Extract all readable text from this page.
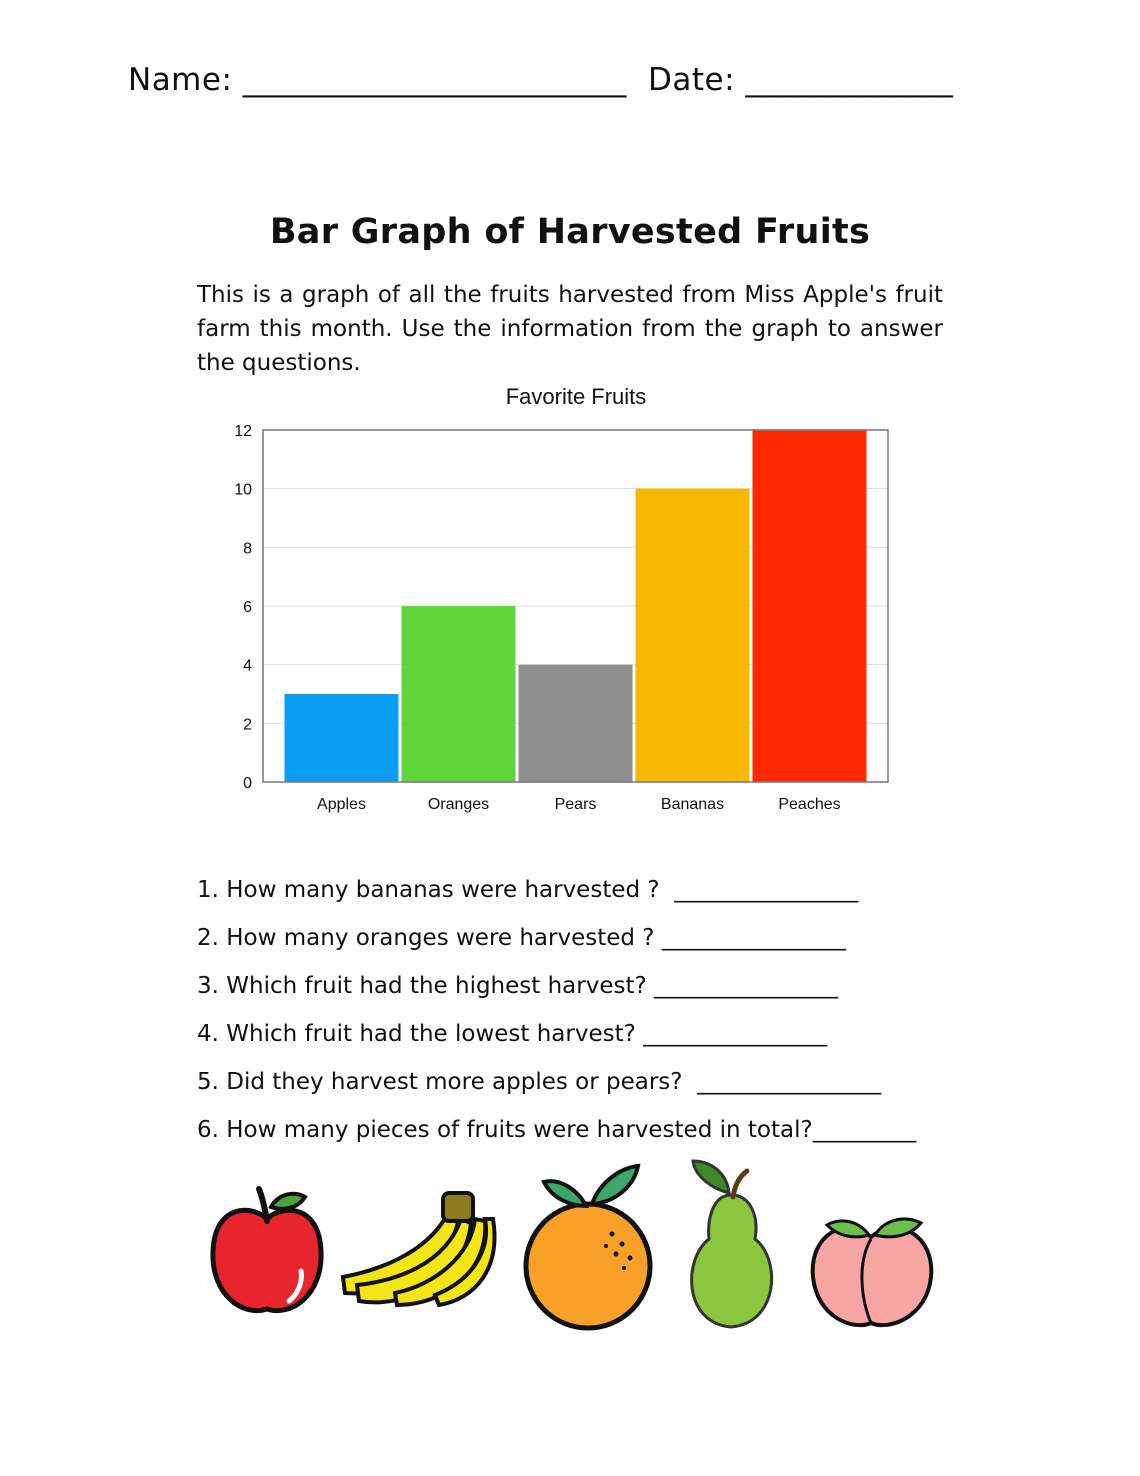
Name: ________________________ Date: _____________
Bar Graph of Harvested Fruits
This is a graph of all the fruits harvested from Miss Apple's fruit farm this month. Use the information from the graph to answer the questions.
Favorite Fruits
0
2
4
6
8
10
12
Apples	Oranges	Pears	Bananas	Peaches
1. How many bananas were harvested ?  ________________
2. How many oranges were harvested ? ________________
3. Which fruit had the highest harvest? ________________
4. Which fruit had the lowest harvest? ________________
5. Did they harvest more apples or pears?  ________________
6. How many pieces of fruits were harvested in total?_________
